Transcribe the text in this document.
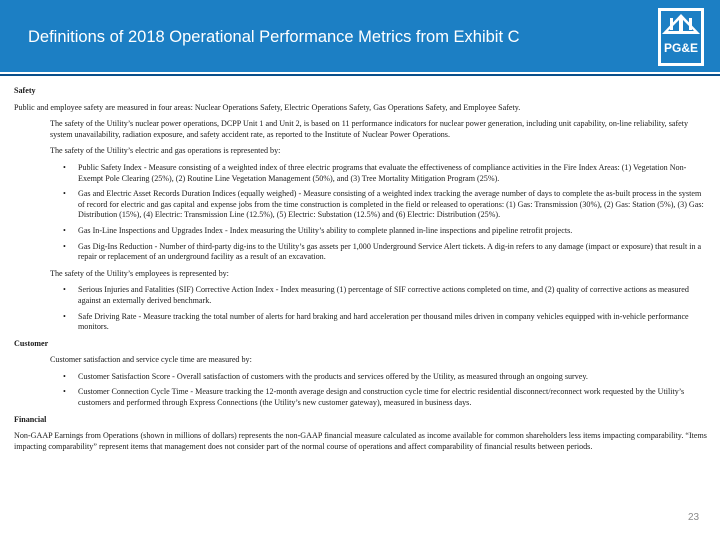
Definitions of 2018 Operational Performance Metrics from Exhibit C
PG&E
Safety

Public and employee safety are measured in four areas: Nuclear Operations Safety, Electric Operations Safety, Gas Operations Safety, and Employee Safety.

The safety of the Utility’s nuclear power operations, DCPP Unit 1 and Unit 2, is based on 11 performance indicators for nuclear power generation, including unit capability, on-line reliability, safety system unavailability, radiation exposure, and safety accident rate, as reported to the Institute of Nuclear Power Operations.

The safety of the Utility’s electric and gas operations is represented by:

• Public Safety Index - Measure consisting of a weighted index of three electric programs that evaluate the effectiveness of compliance activities in the Fire Index Areas: (1) Vegetation Non-Exempt Pole Clearing (25%), (2) Routine Line Vegetation Management (50%), and (3) Tree Mortality Mitigation Program (25%).
• Gas and Electric Asset Records Duration Indices (equally weighed) - Measure consisting of a weighted index tracking the average number of days to complete the as-built process in the system of record for electric and gas capital and expense jobs from the time construction is completed in the field or released to operations: (1) Gas: Transmission (30%), (2) Gas: Station (5%), (3) Gas: Distribution (15%), (4) Electric: Transmission Line (12.5%), (5) Electric: Substation (12.5%) and (6) Electric: Distribution (25%).
• Gas In-Line Inspections and Upgrades Index - Index measuring the Utility’s ability to complete planned in-line inspections and pipeline retrofit projects.
• Gas Dig-Ins Reduction - Number of third-party dig-ins to the Utility’s gas assets per 1,000 Underground Service Alert tickets. A dig-in refers to any damage (impact or exposure) that result in a repair or replacement of an underground facility as a result of an excavation.

The safety of the Utility’s employees is represented by:

• Serious Injuries and Fatalities (SIF) Corrective Action Index - Index measuring (1) percentage of SIF corrective actions completed on time, and (2) quality of corrective actions as measured against an externally derived benchmark.
• Safe Driving Rate - Measure tracking the total number of alerts for hard braking and hard acceleration per thousand miles driven in company vehicles equipped with in-vehicle performance monitors.
Customer

Customer satisfaction and service cycle time are measured by:

• Customer Satisfaction Score - Overall satisfaction of customers with the products and services offered by the Utility, as measured through an ongoing survey.
• Customer Connection Cycle Time - Measure tracking the 12-month average design and construction cycle time for electric residential disconnect/reconnect work requested by the Utility’s customers and performed through Express Connections (the Utility’s new customer gateway), measured in business days.
Financial

Non-GAAP Earnings from Operations (shown in millions of dollars) represents the non-GAAP financial measure calculated as income available for common shareholders less items impacting comparability. “Items impacting comparability” represent items that management does not consider part of the normal course of operations and affect comparability of financial results between periods.

23
